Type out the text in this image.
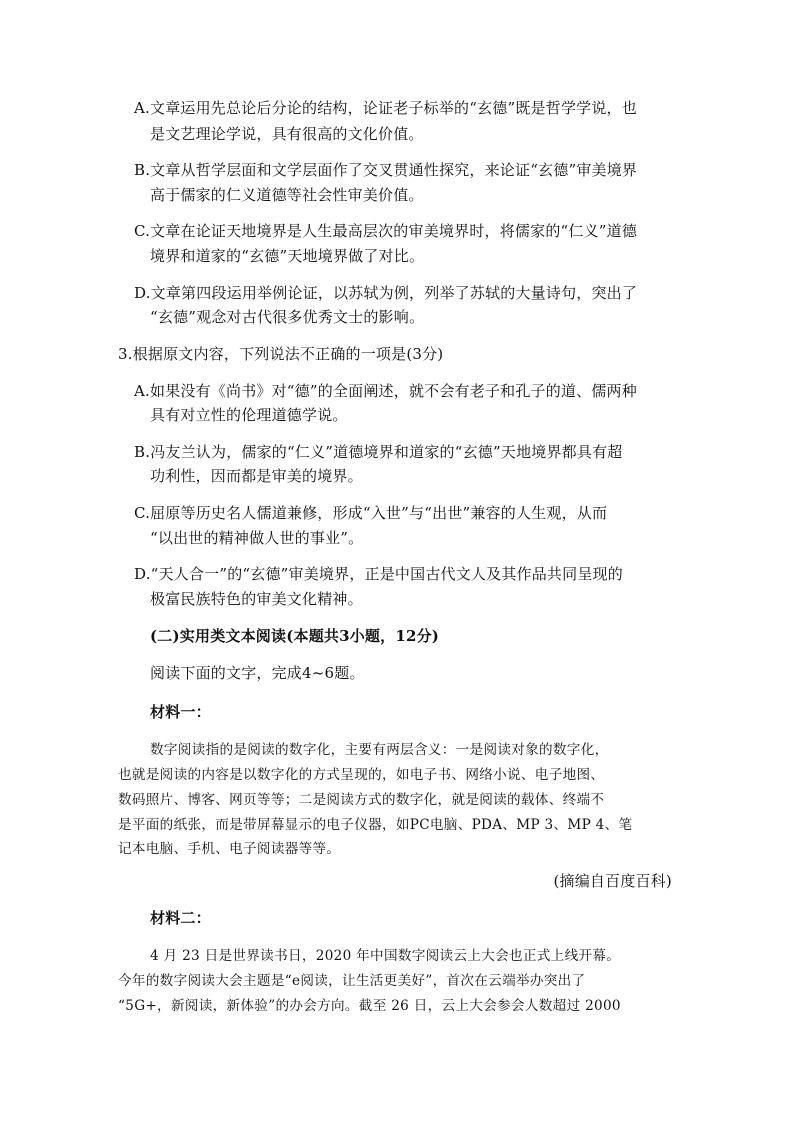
A.文章运用先总论后分论的结构，论证老子标举的“玄德”既是哲学学说，也
是文艺理论学说，具有很高的文化价值。
B.文章从哲学层面和文学层面作了交叉贯通性探究，来论证“玄德”审美境界
高于儒家的仁义道德等社会性审美价值。
C.文章在论证天地境界是人生最高层次的审美境界时，将儒家的“仁义”道德
境界和道家的“玄德”天地境界做了对比。
D.文章第四段运用举例论证，以苏轼为例，列举了苏轼的大量诗句，突出了
“玄德”观念对古代很多优秀文士的影响。
3.根据原文内容，下列说法不正确的一项是(3分)
A.如果没有《尚书》对“德”的全面阐述，就不会有老子和孔子的道、儒两种
具有对立性的伦理道德学说。
B.冯友兰认为，儒家的“仁义”道德境界和道家的“玄德”天地境界都具有超
功利性，因而都是审美的境界。
C.屈原等历史名人儒道兼修，形成“入世”与“出世”兼容的人生观，从而
“以出世的精神做人世的事业”。
D.“天人合一”的“玄德”审美境界，正是中国古代文人及其作品共同呈现的
极富民族特色的审美文化精神。
(二)实用类文本阅读(本题共3小题，12分)
阅读下面的文字，完成4~6题。
材料一：
数字阅读指的是阅读的数字化，主要有两层含义：一是阅读对象的数字化，
也就是阅读的内容是以数字化的方式呈现的，如电子书、网络小说、电子地图、
数码照片、博客、网页等等；二是阅读方式的数字化，就是阅读的载体、终端不
是平面的纸张，而是带屏幕显示的电子仪器，如PC电脑、PDA、MP 3、MP 4、笔
记本电脑、手机、电子阅读器等等。
(摘编自百度百科)
材料二：
4 月 23 日是世界读书日，2020 年中国数字阅读云上大会也正式上线开幕。
今年的数字阅读大会主题是“e阅读，让生活更美好”，首次在云端举办突出了
“5G+，新阅读，新体验”的办会方向。截至 26 日，云上大会参会人数超过 2000
